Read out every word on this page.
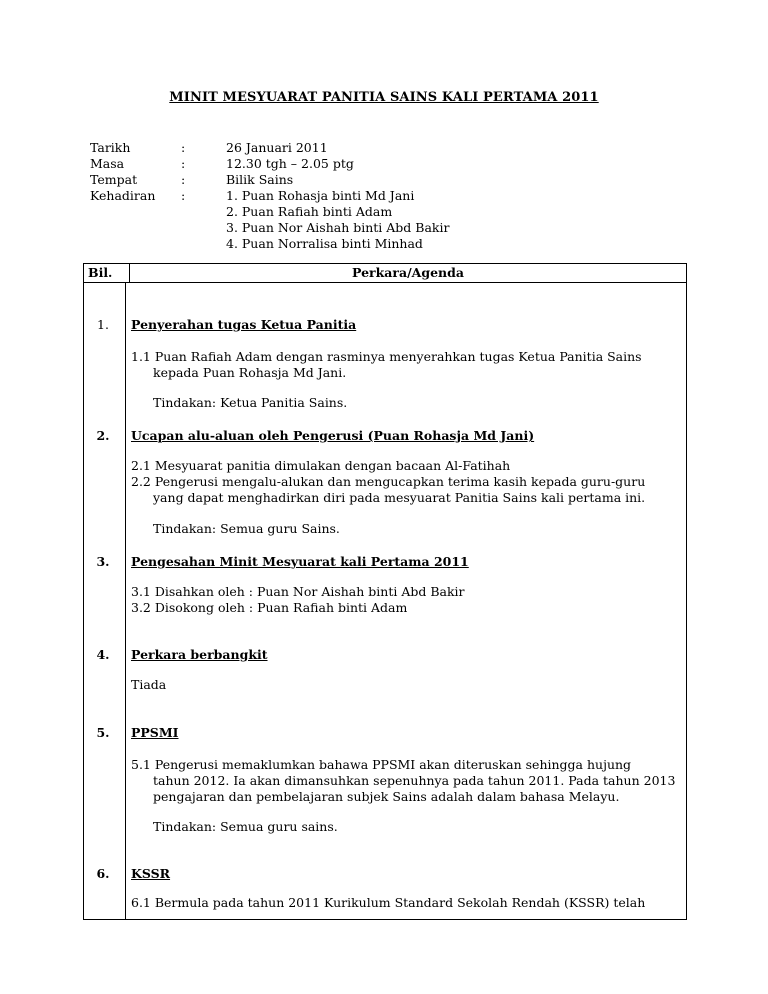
MINIT MESYUARAT PANITIA SAINS KALI PERTAMA 2011
Tarikh	:	26 Januari 2011
Masa	:	12.30 tgh – 2.05 ptg
Tempat	:	Bilik Sains
Kehadiran	:	1. Puan Rohasja binti Md Jani
2. Puan Rafiah binti Adam
3. Puan Nor Aishah binti Abd Bakir
4. Puan Norralisa binti Minhad
Bil.	Perkara/Agenda

1.	Penyerahan tugas Ketua Panitia
1.1 Puan Rafiah Adam dengan rasminya menyerahkan tugas Ketua Panitia Sains
kepada Puan Rohasja Md Jani.
Tindakan: Ketua Panitia Sains.
2.	Ucapan alu-aluan oleh Pengerusi (Puan Rohasja Md Jani)
2.1 Mesyuarat panitia dimulakan dengan bacaan Al-Fatihah
2.2 Pengerusi mengalu-alukan dan mengucapkan terima kasih kepada guru-guru
yang dapat menghadirkan diri pada mesyuarat Panitia Sains kali pertama ini.
Tindakan: Semua guru Sains.
3.	Pengesahan Minit Mesyuarat kali Pertama 2011
3.1 Disahkan oleh : Puan Nor Aishah binti Abd Bakir
3.2 Disokong oleh : Puan Rafiah binti Adam
4.	Perkara berbangkit
Tiada
5.	PPSMI
5.1 Pengerusi memaklumkan bahawa PPSMI akan diteruskan sehingga hujung
tahun 2012. Ia akan dimansuhkan sepenuhnya pada tahun 2011. Pada tahun 2013
pengajaran dan pembelajaran subjek Sains adalah dalam bahasa Melayu.
Tindakan: Semua guru sains.
6.	KSSR
6.1 Bermula pada tahun 2011 Kurikulum Standard Sekolah Rendah (KSSR) telah
